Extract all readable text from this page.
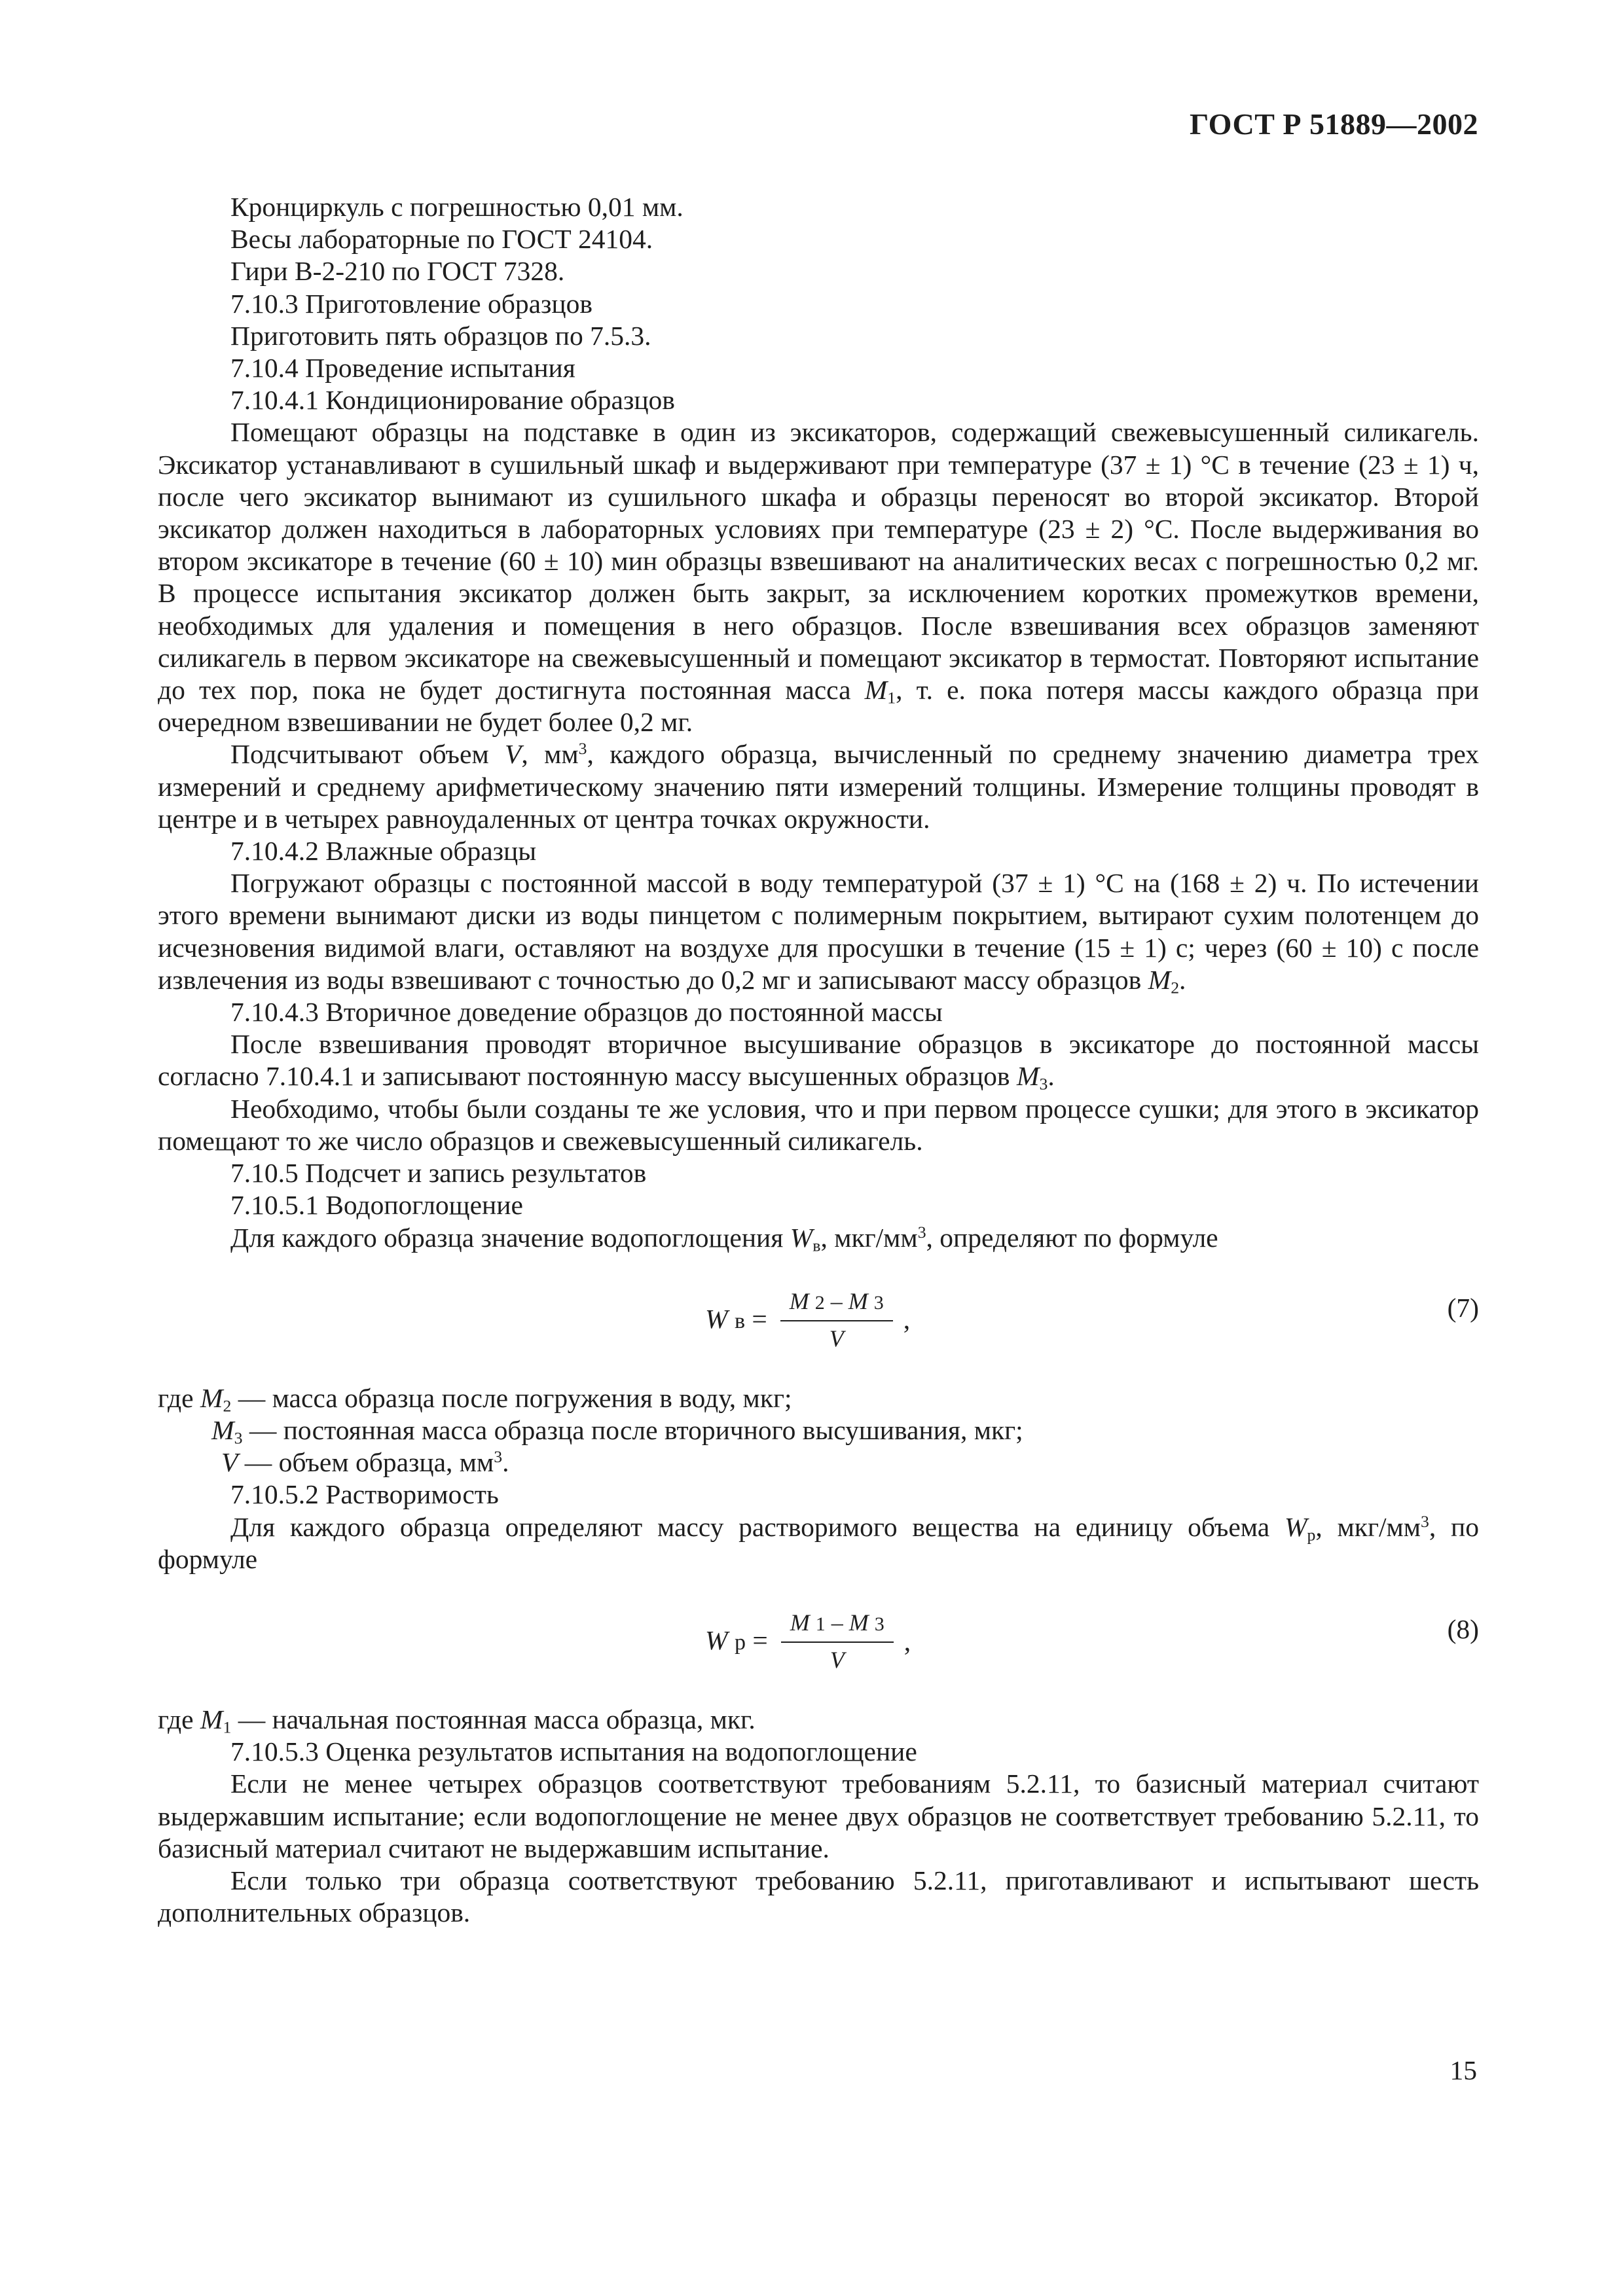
ГОСТ Р 51889—2002

Кронциркуль с погрешностью 0,01 мм.

Весы лабораторные по ГОСТ 24104.

Гири В-2-210 по ГОСТ 7328.

7.10.3 Приготовление образцов

Приготовить пять образцов по 7.5.3.

7.10.4 Проведение испытания

7.10.4.1 Кондиционирование образцов

Помещают образцы на подставке в один из эксикаторов, содержащий свежевысушенный силикагель. Эксикатор устанавливают в сушильный шкаф и выдерживают при температуре (37 ± 1) °С в течение (23 ± 1) ч, после чего эксикатор вынимают из сушильного шкафа и образцы переносят во второй эксикатор. Второй эксикатор должен находиться в лабораторных условиях при температуре (23 ± 2) °С. После выдерживания во втором эксикаторе в течение (60 ± 10) мин образцы взвешивают на аналитических весах с погрешностью 0,2 мг. В процессе испытания эксикатор должен быть закрыт, за исключением коротких промежутков времени, необходимых для удаления и помещения в него образцов. После взвешивания всех образцов заменяют силикагель в первом эксикаторе на свежевысушенный и помещают эксикатор в термостат. Повторяют испытание до тех пор, пока не будет достигнута постоянная масса $M_1$, т. е. пока потеря массы каждого образца при очередном взвешивании не будет более 0,2 мг.

Подсчитывают объем V, $мм^3$, каждого образца, вычисленный по среднему значению диаметра трех измерений и среднему арифметическому значению пяти измерений толщины. Измерение толщины проводят в центре и в четырех равноудаленных от центра точках окружности.

7.10.4.2 Влажные образцы

Погружают образцы с постоянной массой в воду температурой (37 ± 1) °С на (168 ± 2) ч. По истечении этого времени вынимают диски из воды пинцетом с полимерным покрытием, вытирают сухим полотенцем до исчезновения видимой влаги, оставляют на воздухе для просушки в течение (15 ± 1) с; через (60 ± 10) с после извлечения из воды взвешивают с точностью до 0,2 мг и записывают массу образцов $M_2$.

7.10.4.3 Вторичное доведение образцов до постоянной массы

После взвешивания проводят вторичное высушивание образцов в эксикаторе до постоянной массы согласно 7.10.4.1 и записывают постоянную массу высушенных образцов $M_3$.

Необходимо, чтобы были созданы те же условия, что и при первом процессе сушки; для этого в эксикатор помещают то же число образцов и свежевысушенный силикагель.

7.10.5 Подсчет и запись результатов

7.10.5.1 Водопоглощение

Для каждого образца значение водопоглощения $W_в$, мкг/$мм^3$, определяют по формуле

W $в = \frac{M 2 - M 3}{V}$ ,	(7)

где $M_2$ — масса образца после погружения в воду, мкг;

$M_3$ — постоянная масса образца после вторичного высушивания, мкг;

V — объем образца, $мм^3$.

7.10.5.2 Растворимость

Для каждого образца определяют массу растворимого вещества на единицу объема $W_р$, мкг/$мм^3$, по формуле

W $р = \frac{M 1 - M 3}{V}$ ,	(8)

где $M_1$ — начальная постоянная масса образца, мкг.

7.10.5.3 Оценка результатов испытания на водопоглощение

Если не менее четырех образцов соответствуют требованиям 5.2.11, то базисный материал считают выдержавшим испытание; если водопоглощение не менее двух образцов не соответствует требованию 5.2.11, то базисный материал считают не выдержавшим испытание.

Если только три образца соответствуют требованию 5.2.11, приготавливают и испытывают шесть дополнительных образцов.

15
